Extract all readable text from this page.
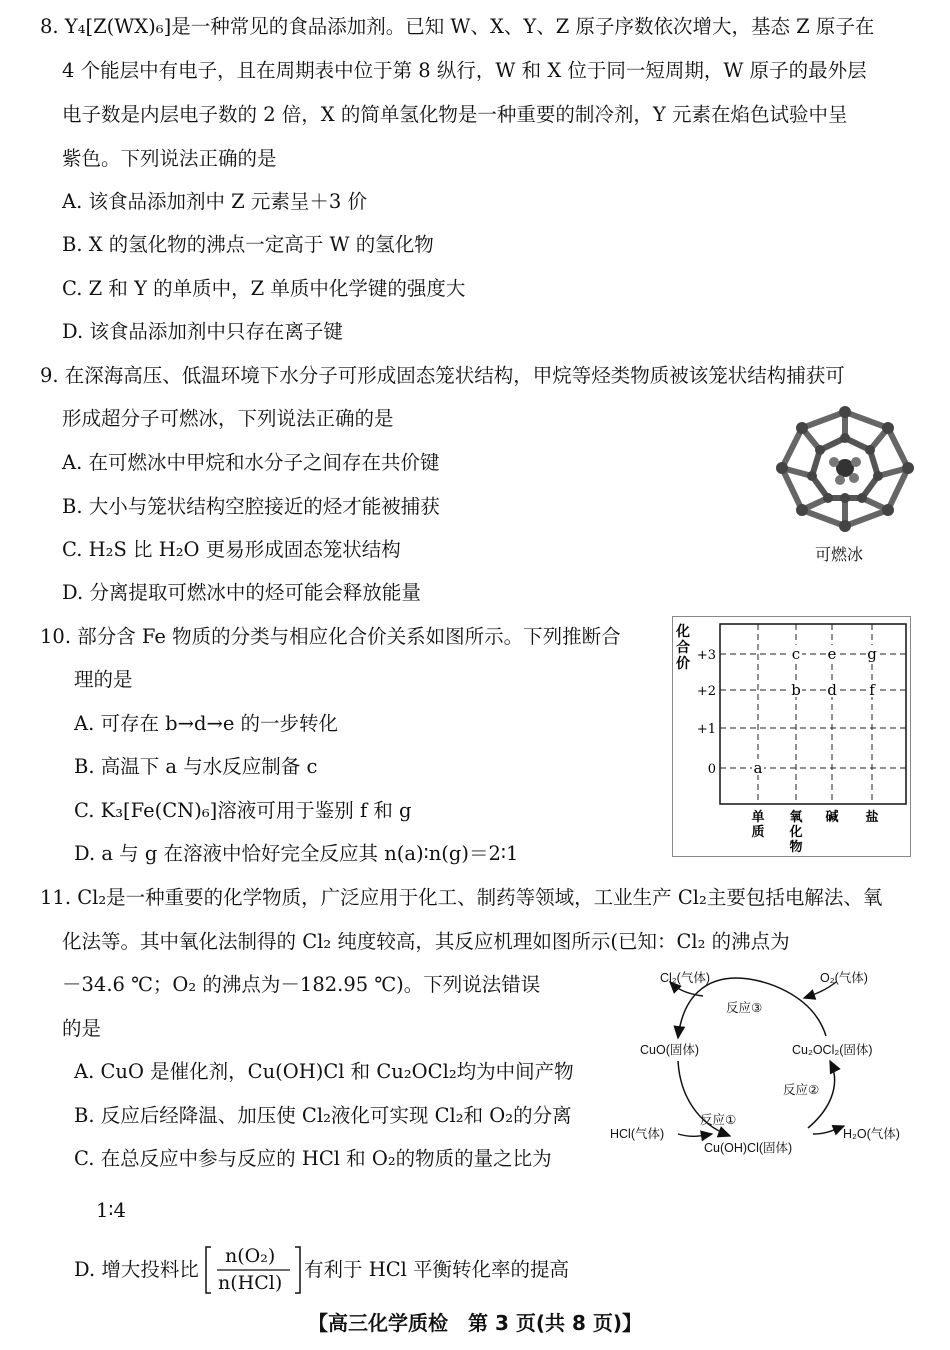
8. Y₄[Z(WX)₆]是一种常见的食品添加剂。已知 W、X、Y、Z 原子序数依次增大，基态 Z 原子在
4 个能层中有电子，且在周期表中位于第 8 纵行，W 和 X 位于同一短周期，W 原子的最外层
电子数是内层电子数的 2 倍，X 的简单氢化物是一种重要的制冷剂，Y 元素在焰色试验中呈
紫色。下列说法正确的是
A. 该食品添加剂中 Z 元素呈＋3 价
B. X 的氢化物的沸点一定高于 W 的氢化物
C. Z 和 Y 的单质中，Z 单质中化学键的强度大
D. 该食品添加剂中只存在离子键
9. 在深海高压、低温环境下水分子可形成固态笼状结构，甲烷等烃类物质被该笼状结构捕获可
形成超分子可燃冰，下列说法正确的是
A. 在可燃冰中甲烷和水分子之间存在共价键
B. 大小与笼状结构空腔接近的烃才能被捕获
C. H₂S 比 H₂O 更易形成固态笼状结构
D. 分离提取可燃冰中的烃可能会释放能量
可燃冰
10. 部分含 Fe 物质的分类与相应化合价关系如图所示。下列推断合
理的是
A. 可存在 b→d→e 的一步转化
B. 高温下 a 与水反应制备 c
C. K₃[Fe(CN)₆]溶液可用于鉴别 f 和 g
D. a 与 g 在溶液中恰好完全反应其 n(a)∶n(g)＝2∶1
化
合
价
+3
+2
+1
0
单
质
氧
化
物
碱 盐
a
b
c
d
e
f
g
11. Cl₂是一种重要的化学物质，广泛应用于化工、制药等领域，工业生产 Cl₂主要包括电解法、氧
化法等。其中氧化法制得的 Cl₂ 纯度较高，其反应机理如图所示(已知：Cl₂ 的沸点为
－34.6 ℃；O₂ 的沸点为－182.95 ℃)。下列说法错误
的是
A. CuO 是催化剂，Cu(OH)Cl 和 Cu₂OCl₂均为中间产物
B. 反应后经降温、加压使 Cl₂液化可实现 Cl₂和 O₂的分离
C. 在总反应中参与反应的 HCl 和 O₂的物质的量之比为
1∶4
D. 增大投料比
n(O₂)
n(HCl)
有利于 HCl 平衡转化率的提高
Cl₂(气体)	O₂(气体)
CuO(固体)	Cu₂OCl₂(固体)
HCl(气体)
Cu(OH)Cl(固体)
H₂O(气体)
反应①
反应②
反应③
【高三化学质检　第 3 页(共 8 页)】
